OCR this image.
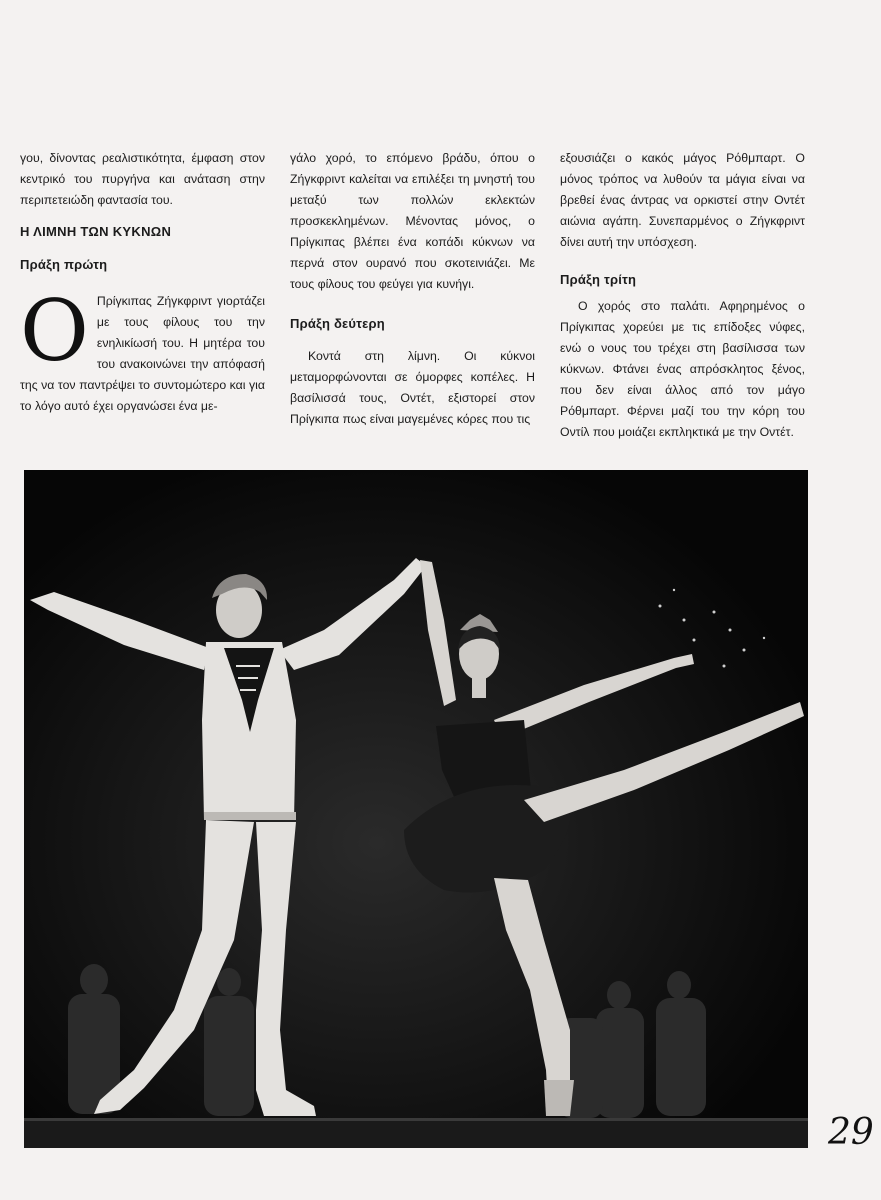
γου, δίνοντας ρεαλιστικότητα, έμφαση στον κεντρικό του πυργήνα και ανάταση στην περιπετειώδη φαντασία του.

Η ΛΙΜΝΗ ΤΩΝ ΚΥΚΝΩΝ

Πράξη πρώτη

Ο Πρίγκιπας Ζήγκφριντ γιορτάζει με τους φίλους του την ενηλικίωσή του. Η μητέρα του του ανακοινώνει την απόφασή της να τον παντρέψει το συντομώτερο και για το λόγο αυτό έχει οργανώσει ένα με-

γάλο χορό, το επόμενο βράδυ, όπου ο Ζήγκφριντ καλείται να επιλέξει τη μνηστή του μεταξύ των πολλών εκλεκτών προσκεκλημένων. Μένοντας μόνος, ο Πρίγκιπας βλέπει ένα κοπάδι κύκνων να περνά στον ουρανό που σκοτεινιάζει. Με τους φίλους του φεύγει για κυνήγι.

Πράξη δεύτερη

Κοντά στη λίμνη. Οι κύκνοι μεταμορφώνονται σε όμορφες κοπέλες. Η βασίλισσά τους, Οντέτ, εξιστορεί στον Πρίγκιπα πως είναι μαγεμένες κόρες που τις

εξουσιάζει ο κακός μάγος Ρόθμπαρτ. Ο μόνος τρόπος να λυθούν τα μάγια είναι να βρεθεί ένας άντρας να ορκιστεί στην Οντέτ αιώνια αγάπη. Συνεπαρμένος ο Ζήγκφριντ δίνει αυτή την υπόσχεση.

Πράξη τρίτη

Ο χορός στο παλάτι. Αφηρημένος ο Πρίγκιπας χορεύει με τις επίδοξες νύφες, ενώ ο νους του τρέχει στη βασίλισσα των κύκνων. Φτάνει ένας απρόσκλητος ξένος, που δεν είναι άλλος από τον μάγο Ρόθμπαρτ. Φέρνει μαζί του την κόρη του Οντίλ που μοιάζει εκπληκτικά με την Οντέτ.

29
